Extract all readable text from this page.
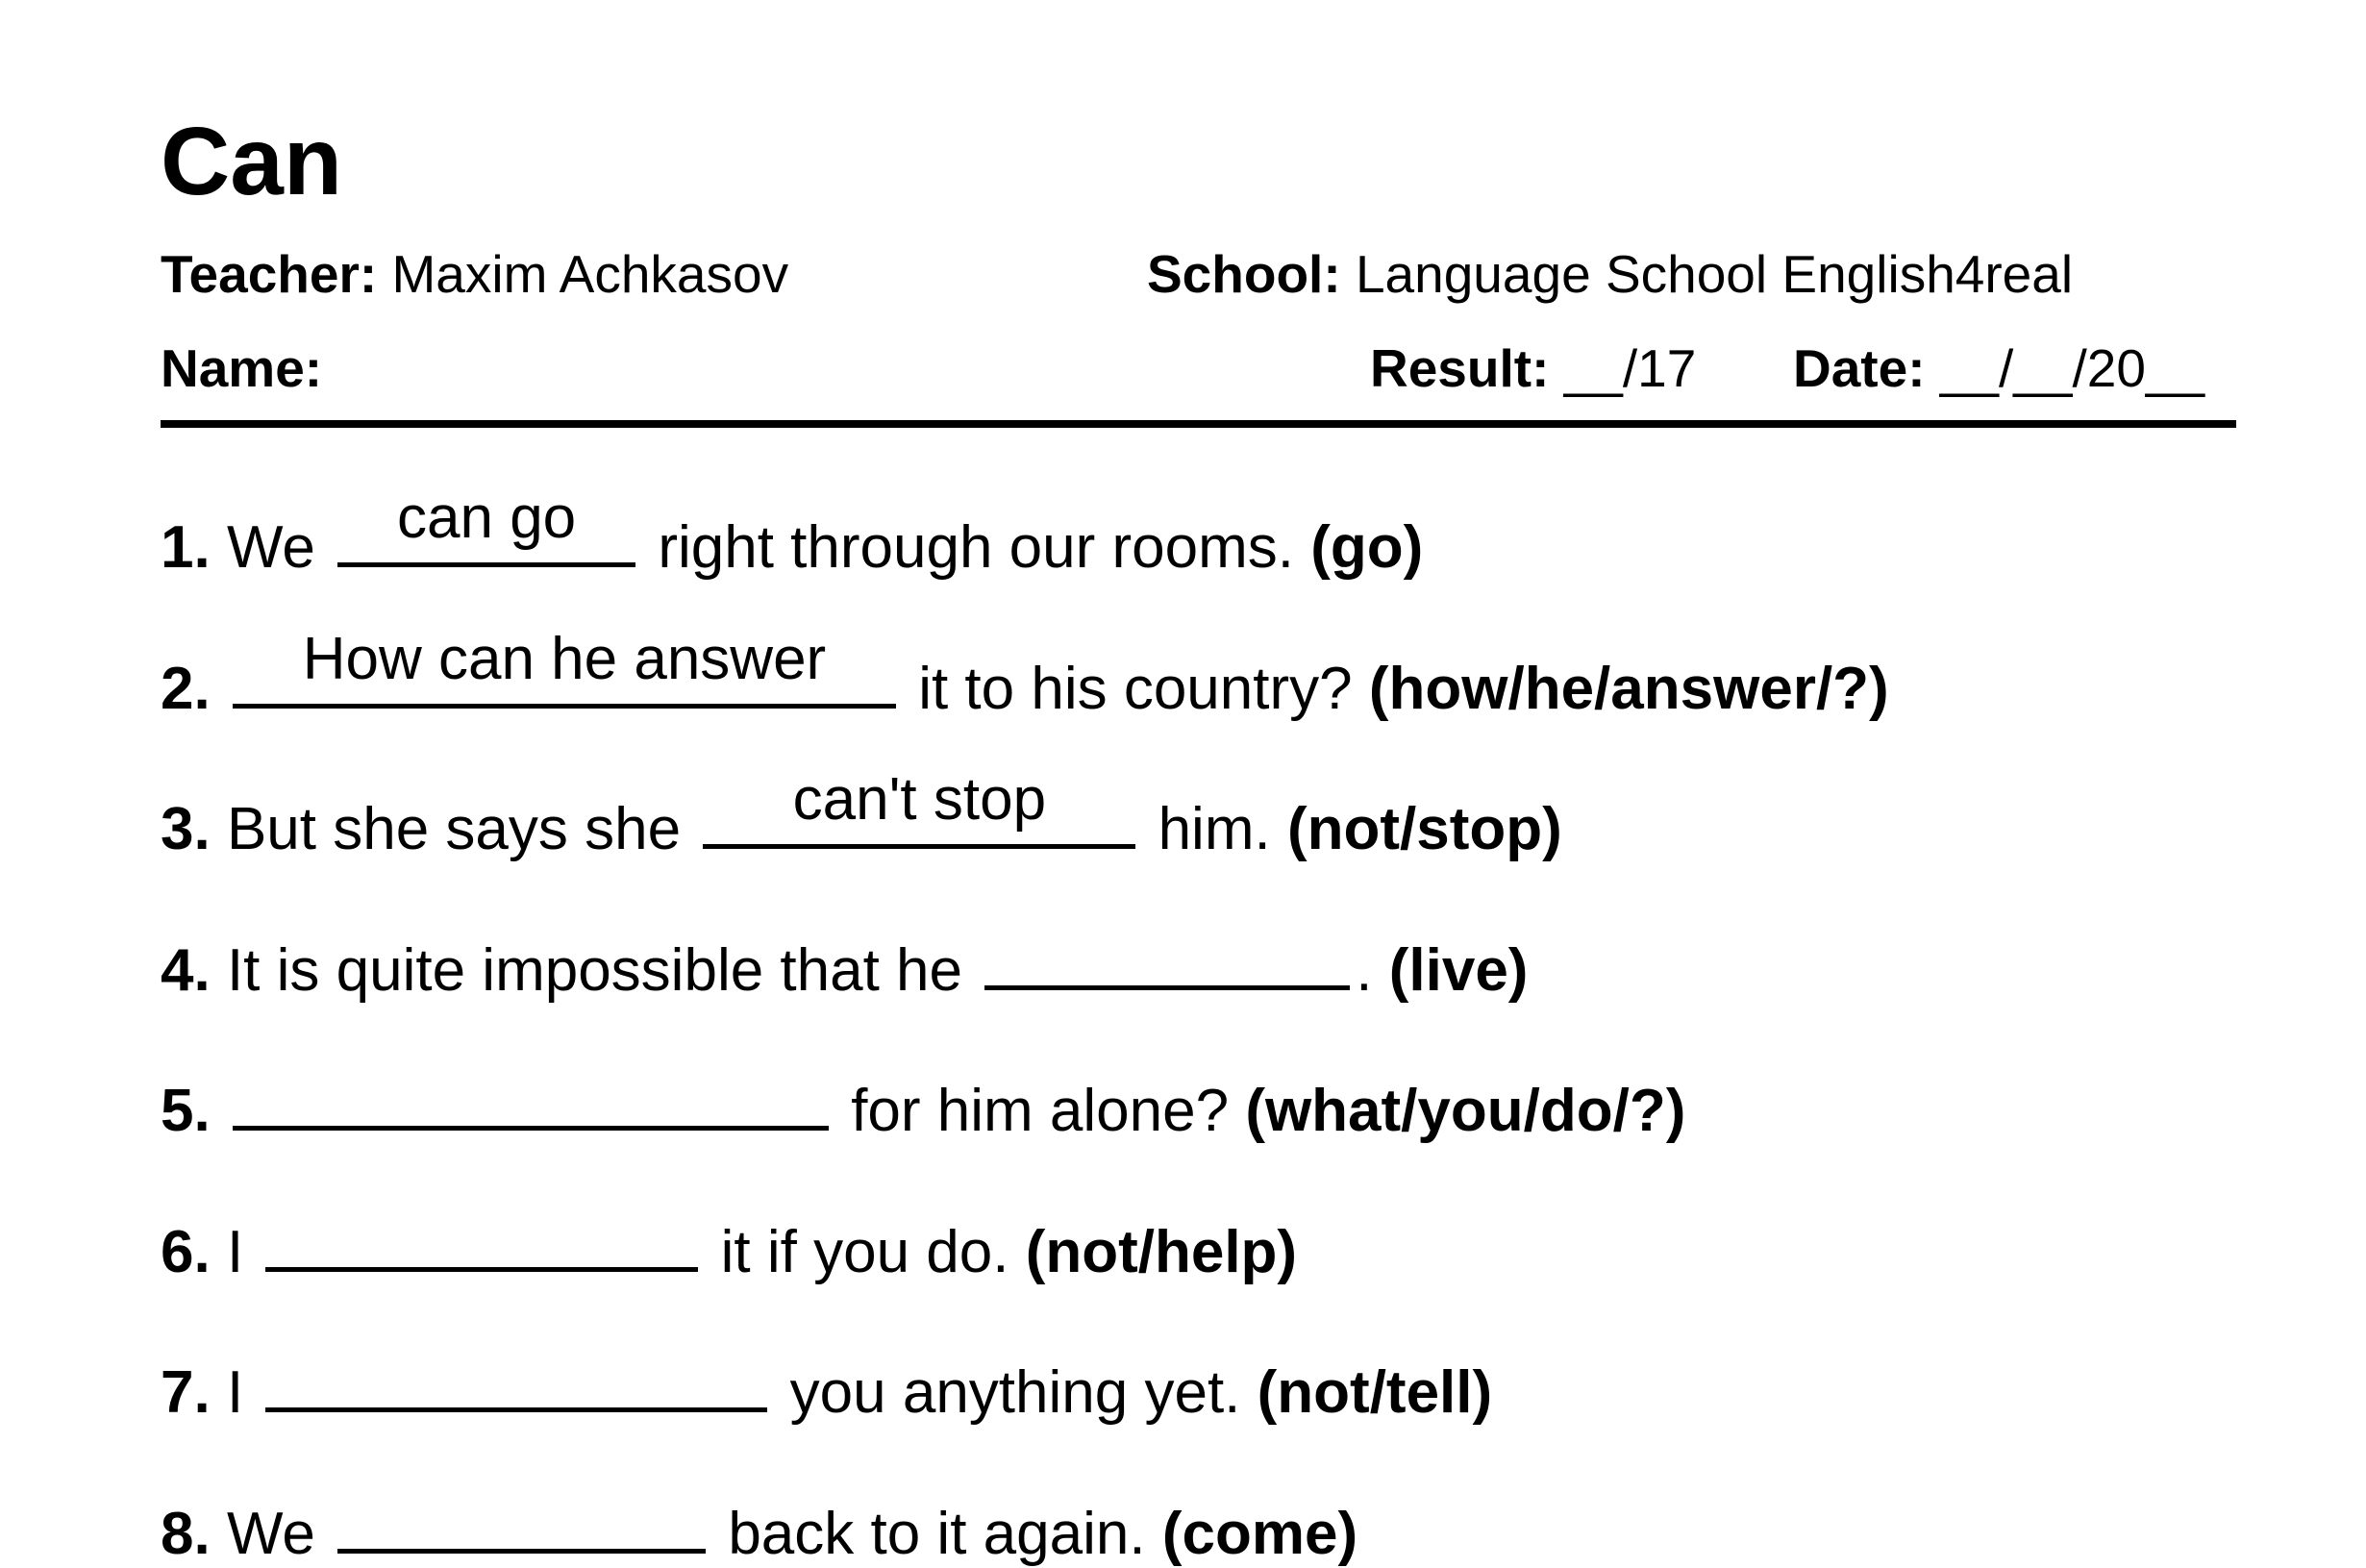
Can
Teacher: Maxim Achkasov	School: Language School English4real
Name:	Result: __/17 Date: __/__/20__
1. We	can go	right through our rooms. (go)
2.	How can he answer	it to his country? (how/he/answer/?)
3. But she says she	can't stop	him. (not/stop)
4. It is quite impossible that he	. (live)
5.	for him alone? (what/you/do/?)
6. I	it if you do. (not/help)
7. I	you anything yet. (not/tell)
8. We	back to it again. (come)
